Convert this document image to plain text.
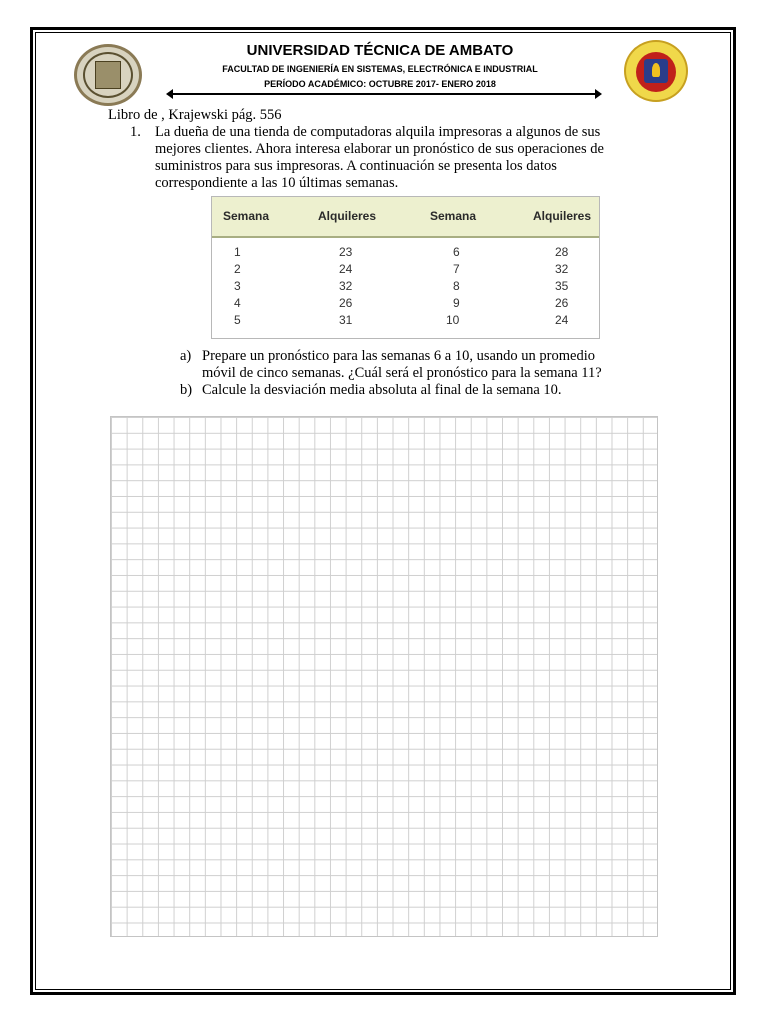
UNIVERSIDAD TÉCNICA DE AMBATO
FACULTAD DE INGENIERÍA EN SISTEMAS, ELECTRÓNICA E INDUSTRIAL
PERÍODO ACADÉMICO: OCTUBRE 2017- ENERO 2018
Libro de , Krajewski pág. 556
1. La dueña de una tienda de computadoras alquila impresoras a algunos de sus
mejores clientes. Ahora interesa elaborar un pronóstico de sus operaciones de
suministros para sus impresoras. A continuación se presenta los datos
correspondiente a las 10 últimas semanas.
Semana	Alquileres	Semana	Alquileres
1	23	6	28
2	24	7	32
3	32	8	35
4	26	9	26
5	31	10	24
a) Prepare un pronóstico para las semanas 6 a 10, usando un promedio
móvil de cinco semanas. ¿Cuál será el pronóstico para la semana 11?
b) Calcule la desviación media absoluta al final de la semana 10.
